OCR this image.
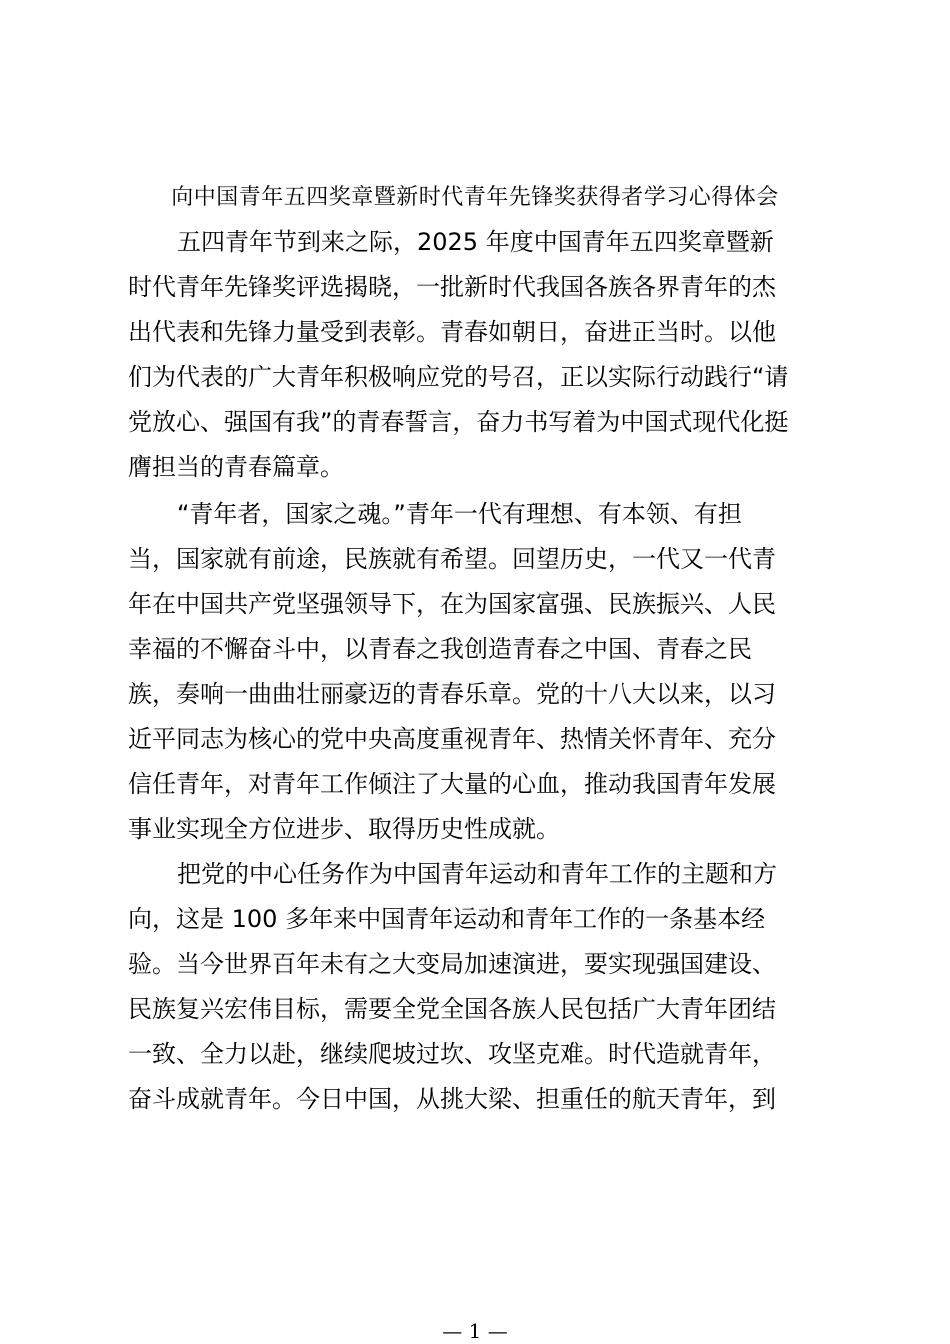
向中国青年五四奖章暨新时代青年先锋奖获得者学习心得体会
五四青年节到来之际，2025 年度中国青年五四奖章暨新
时代青年先锋奖评选揭晓，一批新时代我国各族各界青年的杰
出代表和先锋力量受到表彰。青春如朝日，奋进正当时。以他
们为代表的广大青年积极响应党的号召，正以实际行动践行“请
党放心、强国有我”的青春誓言，奋力书写着为中国式现代化挺
膺担当的青春篇章。
“青年者，国家之魂。”青年一代有理想、有本领、有担
当，国家就有前途，民族就有希望。回望历史，一代又一代青
年在中国共产党坚强领导下，在为国家富强、民族振兴、人民
幸福的不懈奋斗中，以青春之我创造青春之中国、青春之民
族，奏响一曲曲壮丽豪迈的青春乐章。党的十八大以来，以习
近平同志为核心的党中央高度重视青年、热情关怀青年、充分
信任青年，对青年工作倾注了大量的心血，推动我国青年发展
事业实现全方位进步、取得历史性成就。
把党的中心任务作为中国青年运动和青年工作的主题和方
向，这是 100 多年来中国青年运动和青年工作的一条基本经
验。当今世界百年未有之大变局加速演进，要实现强国建设、
民族复兴宏伟目标，需要全党全国各族人民包括广大青年团结
一致、全力以赴，继续爬坡过坎、攻坚克难。时代造就青年，
奋斗成就青年。今日中国，从挑大梁、担重任的航天青年，到
— 1 —
